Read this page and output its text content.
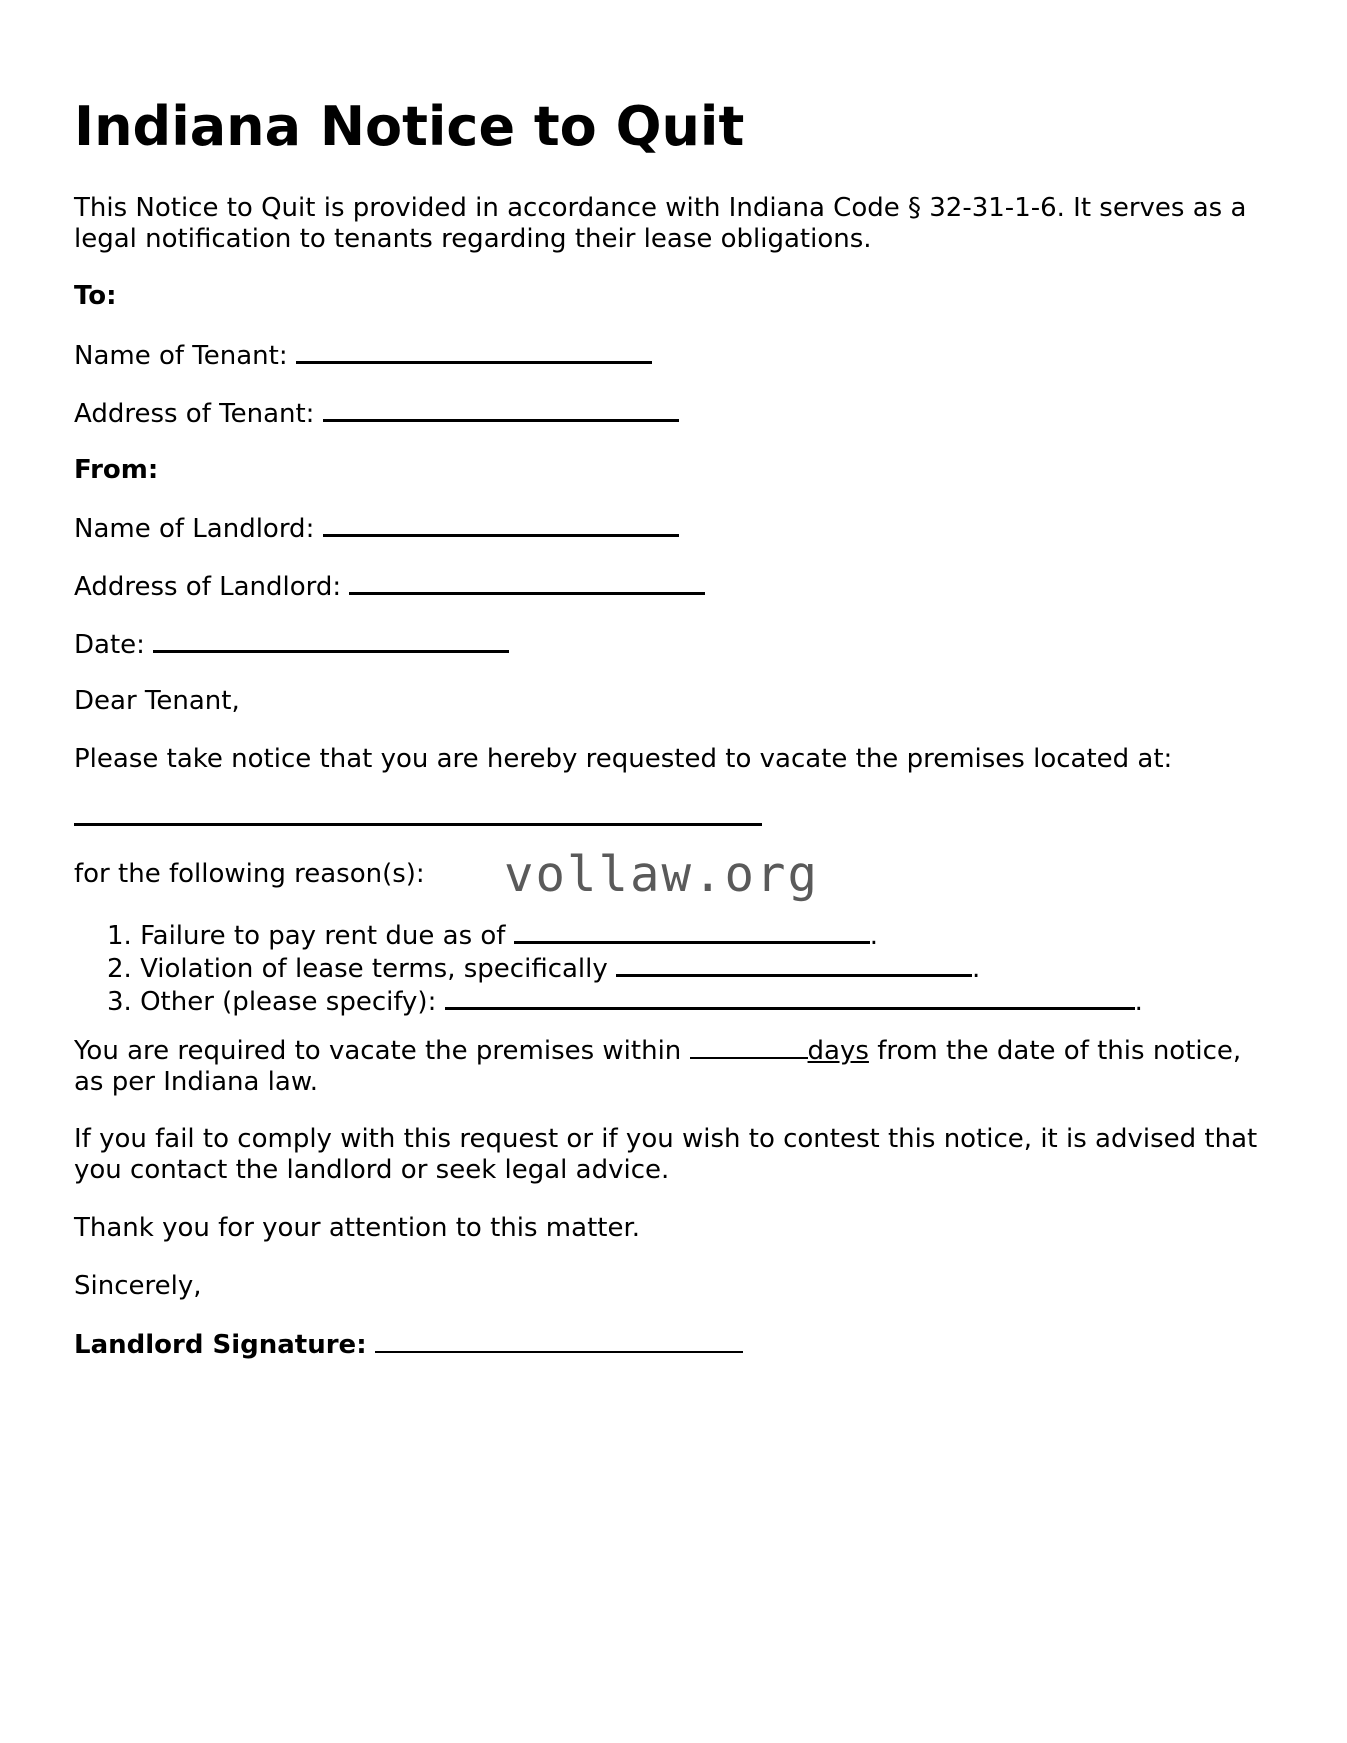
Indiana Notice to Quit

This Notice to Quit is provided in accordance with Indiana Code § 32-31-1-6. It serves as a legal notification to tenants regarding their lease obligations.

To:

Name of Tenant:

Address of Tenant:

From:

Name of Landlord:

Address of Landlord:

Date:

Dear Tenant,

Please take notice that you are hereby requested to vacate the premises located at:

for the following reason(s): vollaw.org
1. Failure to pay rent due as of	.
2. Violation of lease terms, specifically	.
3. Other (please specify):	.

You are required to vacate the premises within	days from the date of this notice,
as per Indiana law.

If you fail to comply with this request or if you wish to contest this notice, it is advised that you contact the landlord or seek legal advice.

Thank you for your attention to this matter.

Sincerely,

Landlord Signature:
